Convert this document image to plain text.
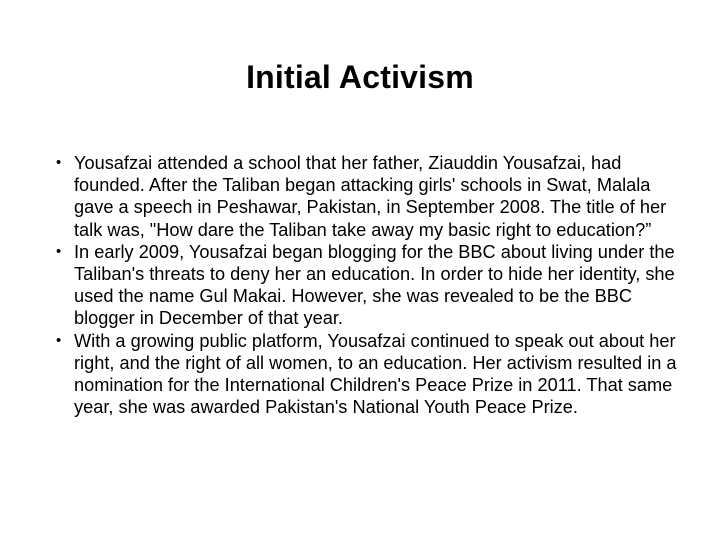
Initial Activism
• Yousafzai attended a school that her father, Ziauddin Yousafzai, had founded. After the Taliban began attacking girls' schools in Swat, Malala gave a speech in Peshawar, Pakistan, in September 2008. The title of her talk was, "How dare the Taliban take away my basic right to education?”
• In early 2009, Yousafzai began blogging for the BBC about living under the Taliban's threats to deny her an education. In order to hide her identity, she used the name Gul Makai. However, she was revealed to be the BBC blogger in December of that year.
• With a growing public platform, Yousafzai continued to speak out about her right, and the right of all women, to an education. Her activism resulted in a nomination for the International Children's Peace Prize in 2011. That same year, she was awarded Pakistan's National Youth Peace Prize.
